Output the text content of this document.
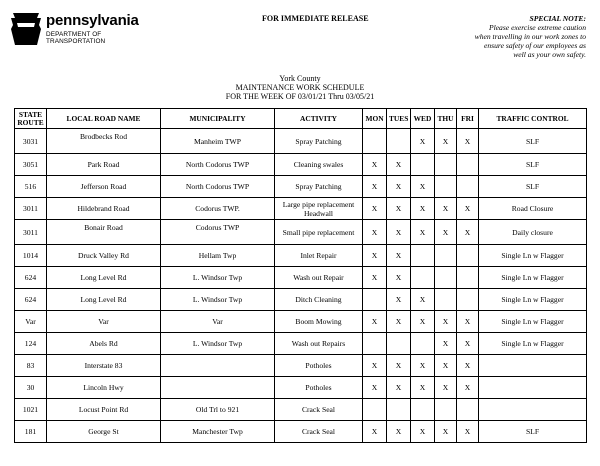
pennsylvania
DEPARTMENT OF TRANSPORTATION
FOR IMMEDIATE RELEASE	SPECIAL NOTE:
Please exercise extreme caution
when travelling in our work zones to
ensure safety of our employees as
well as your own safety.
York County
MAINTENANCE WORK SCHEDULE
FOR THE WEEK OF 03/01/21 Thru 03/05/21
STATE
ROUTE	LOCAL ROAD NAME	MUNICIPALITY	ACTIVITY	MON	TUES	WED	THU	FRI	TRAFFIC CONTROL
3031	Brodbecks Rod	Manheim TWP	Spray Patching			X	X	X	SLF
3051	Park Road	North Codorus TWP	Cleaning swales	X	X				SLF
516	Jefferson Road	North Codorus TWP	Spray Patching	X	X	X			SLF
3011	Hildebrand Road	Codorus TWP.	Large pipe replacement Headwall	X	X	X	X	X	Road Closure
3011	Bonair Road	Codorus TWP	Small pipe replacement	X	X	X	X	X	Daily closure
1014	Druck Valley Rd	Hellam Twp	Inlet Repair	X	X				Single Ln w Flagger
624	Long Level Rd	L. Windsor Twp	Wash out Repair	X	X				Single Ln w Flagger
624	Long Level Rd	L. Windsor Twp	Ditch Cleaning		X	X			Single Ln w Flagger
Var	Var	Var	Boom Mowing	X	X	X	X	X	Single Ln w Flagger
124	Abels Rd	L. Windsor Twp	Wash out Repairs				X	X	Single Ln w Flagger
83	Interstate 83		Potholes	X	X	X	X	X	
30	Lincoln Hwy		Potholes	X	X	X	X	X	
1021	Locust Point Rd	Old Trl to 921	Crack Seal						
181	George St	Manchester Twp	Crack Seal	X	X	X	X	X	SLF
